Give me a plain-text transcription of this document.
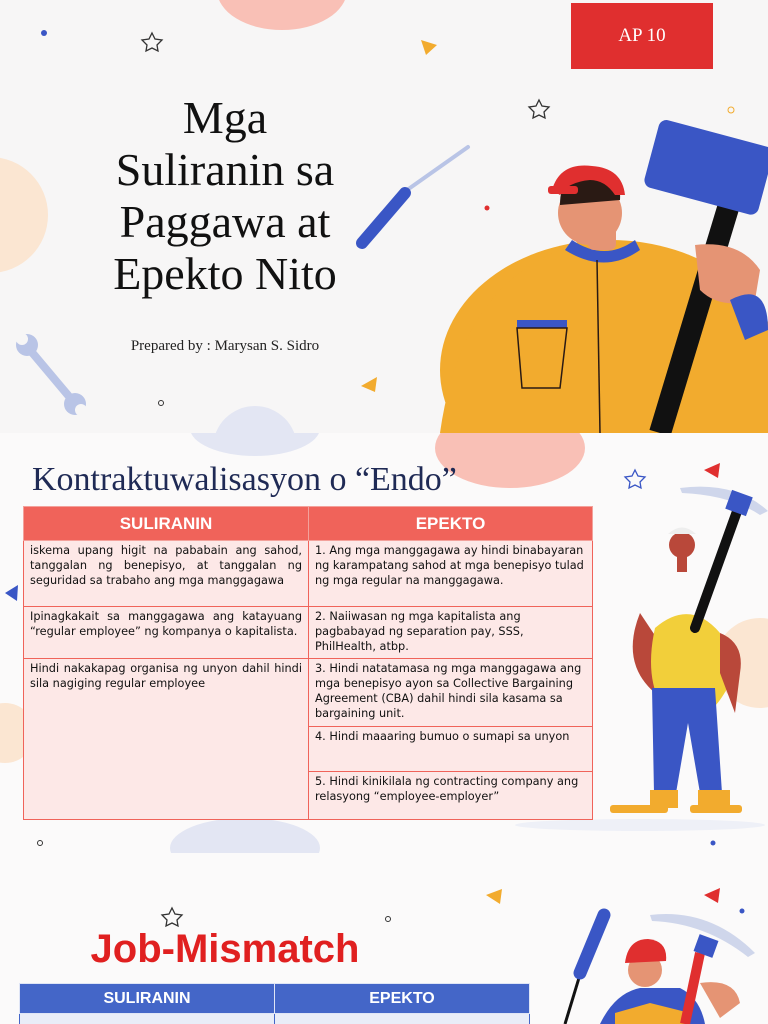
AP 10
Mga
Suliranin sa
Paggawa at
Epekto Nito
Prepared by : Marysan S. Sidro
Kontraktuwalisasyon o “Endo”
SULIRANIN	EPEKTO

iskema upang higit na pababain ang sahod, tanggalan ng benepisyo, at tanggalan ng seguridad sa trabaho ang mga manggagawa	1. Ang mga manggagawa ay hindi binabayaran ng karampatang sahod at mga benepisyo tulad ng mga regular na manggagawa.

Ipinagkakait sa manggagawa ang katayuang “regular employee” ng kompanya o kapitalista.	2. Naiiwasan ng mga kapitalista ang pagbabayad ng separation pay, SSS, PhilHealth, atbp.

Hindi nakakapag organisa ng unyon dahil hindi sila nagiging regular employee	3. Hindi natatamasa ng mga manggagawa ang mga benepisyo ayon sa Collective Bargaining Agreement (CBA) dahil hindi sila kasama sa bargaining unit.
	4. Hindi maaaring bumuo o sumapi sa unyon
	5. Hindi kinikilala ng contracting company ang relasyong “employee-employer”
Job-Mismatch
SULIRANIN	EPEKTO
